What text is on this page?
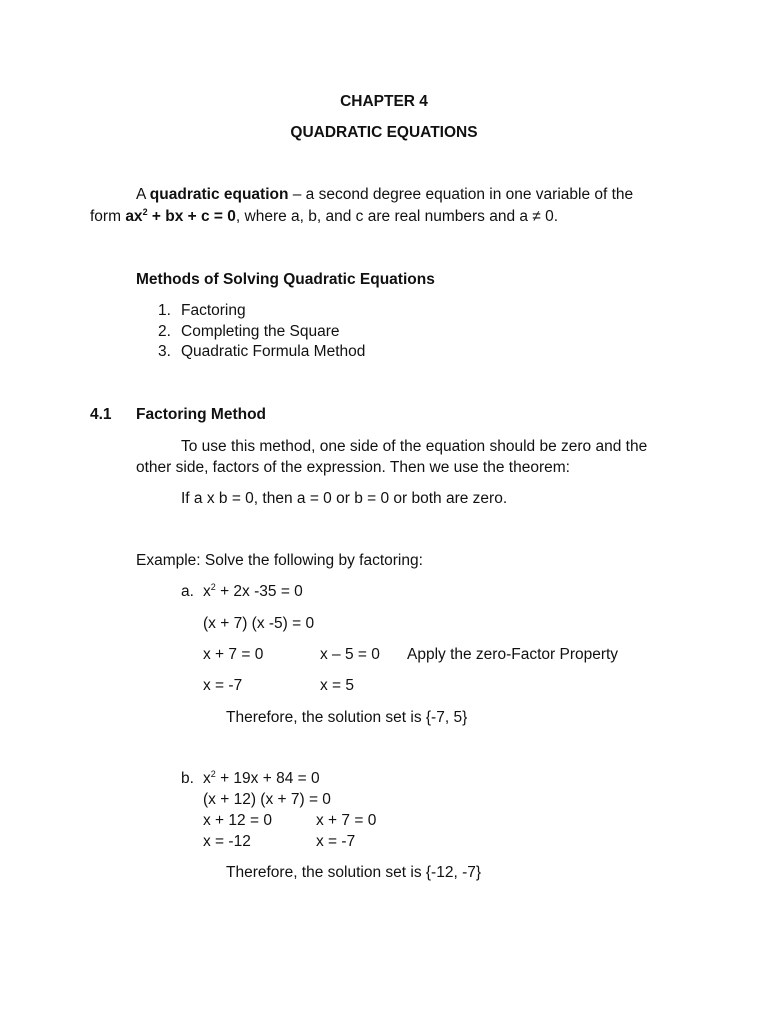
CHAPTER 4
QUADRATIC EQUATIONS
A quadratic equation – a second degree equation in one variable of the
form $ax^2$ + bx + c = 0, where a, b, and c are real numbers and a ≠ 0.
Methods of Solving Quadratic Equations
1. Factoring
2. Completing the Square
3. Quadratic Formula Method
4.1 Factoring Method
To use this method, one side of the equation should be zero and the
other side, factors of the expression. Then we use the theorem:
If a x b = 0, then a = 0 or b = 0 or both are zero.
Example: Solve the following by factoring:
a. $x^2 + 2x$ -35 = 0
(x + 7) (x -5) = 0
x + 7 = 0	x – 5 = 0 Apply the zero-Factor Property
x = -7	x = 5
Therefore, the solution set is {-7, 5}
b. $x^2 + 19x + 84 = 0$
(x + 12) (x + 7) = 0
x + 12 = 0	x + 7 = 0
x = -12	x = -7
Therefore, the solution set is {-12, -7}
